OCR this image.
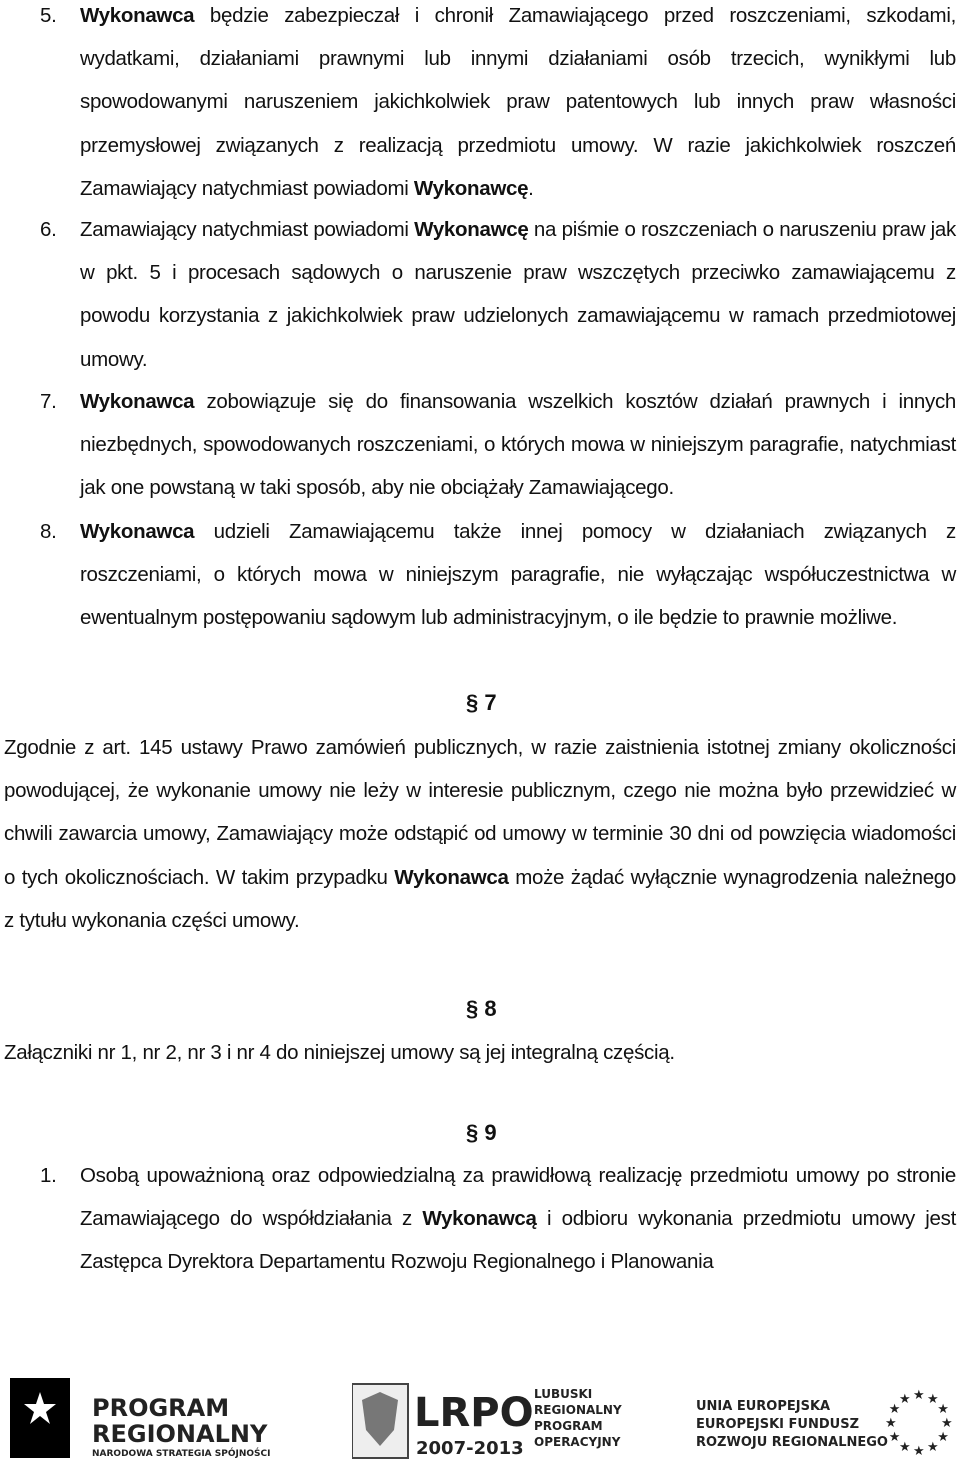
5. Wykonawca będzie zabezpieczał i chronił Zamawiającego przed roszczeniami, szkodami, wydatkami, działaniami prawnymi lub innymi działaniami osób trzecich, wynikłymi lub spowodowanymi naruszeniem jakichkolwiek praw patentowych lub innych praw własności przemysłowej związanych z realizacją przedmiotu umowy. W razie jakichkolwiek roszczeń Zamawiający natychmiast powiadomi Wykonawcę.
6. Zamawiający natychmiast powiadomi Wykonawcę na piśmie o roszczeniach o naruszeniu praw jak w pkt. 5 i procesach sądowych o naruszenie praw wszczętych przeciwko zamawiającemu z powodu korzystania z jakichkolwiek praw udzielonych zamawiającemu w ramach przedmiotowej umowy.
7. Wykonawca zobowiązuje się do finansowania wszelkich kosztów działań prawnych i innych niezbędnych, spowodowanych roszczeniami, o których mowa w niniejszym paragrafie, natychmiast jak one powstaną w taki sposób, aby nie obciążały Zamawiającego.
8. Wykonawca udzieli Zamawiającemu także innej pomocy w działaniach związanych z roszczeniami, o których mowa w niniejszym paragrafie, nie wyłączając współuczestnictwa w ewentualnym postępowaniu sądowym lub administracyjnym, o ile będzie to prawnie możliwe.
§ 7
Zgodnie z art. 145 ustawy Prawo zamówień publicznych, w razie zaistnienia istotnej zmiany okoliczności powodującej, że wykonanie umowy nie leży w interesie publicznym, czego nie można było przewidzieć w chwili zawarcia umowy, Zamawiający może odstąpić od umowy w terminie 30 dni od powzięcia wiadomości o tych okolicznościach. W takim przypadku Wykonawca może żądać wyłącznie wynagrodzenia należnego z tytułu wykonania części umowy.
§ 8
Załączniki nr 1, nr 2, nr 3 i nr 4 do niniejszej umowy są jej integralną częścią.
§ 9
1. Osobą upoważnioną oraz odpowiedzialną za prawidłową realizację przedmiotu umowy po stronie Zamawiającego do współdziałania z Wykonawcą i odbioru wykonania przedmiotu umowy jest Zastępca Dyrektora Departamentu Rozwoju Regionalnego i Planowania
PROGRAM
REGIONALNY
NARODOWA STRATEGIA SPÓJNOŚCI
LRPO
2007-2013
LUBUSKI
REGIONALNY
PROGRAM
OPERACYJNY
UNIA EUROPEJSKA
EUROPEJSKI FUNDUSZ
ROZWOJU REGIONALNEGO
★
★
★
★
★
★
★
★
★ ★ ★
★
